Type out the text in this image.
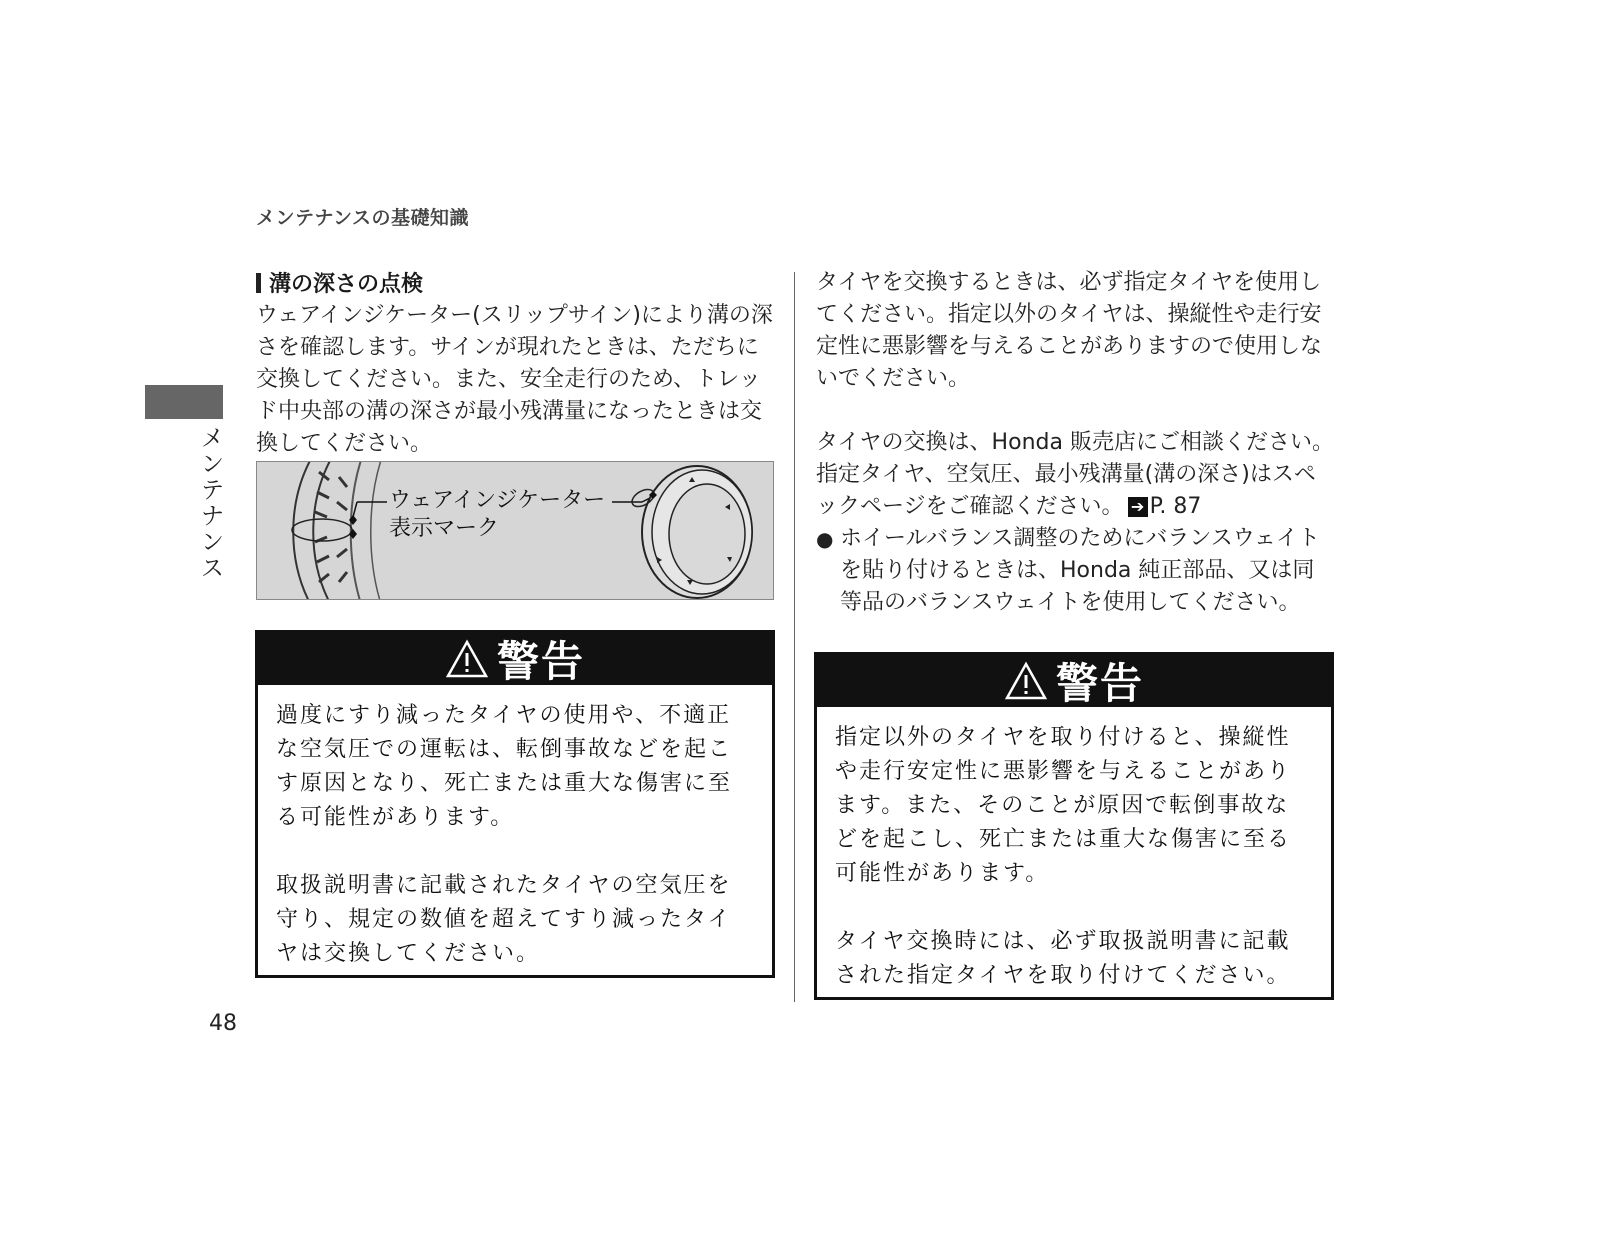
メンテナンスの基礎知識
メンテナンス
溝の深さの点検
ウェアインジケーター(スリップサイン)により溝の深さを確認します。サインが現れたときは、ただちに交換してください。また、安全走行のため、トレッド中央部の溝の深さが最小残溝量になったときは交換してください。
ウェアインジケーター
表示マーク
警告

過度にすり減ったタイヤの使用や、不適正な空気圧での運転は、転倒事故などを起こす原因となり、死亡または重大な傷害に至る可能性があります。

取扱説明書に記載されたタイヤの空気圧を守り、規定の数値を超えてすり減ったタイヤは交換してください。

タイヤを交換するときは、必ず指定タイヤを使用してください。指定以外のタイヤは、操縦性や走行安定性に悪影響を与えることがありますので使用しないでください。
タイヤの交換は、Honda 販売店にご相談ください。指定タイヤ、空気圧、最小残溝量(溝の深さ)はスペックページをご確認ください。 ➔ P. 87
● ホイールバランス調整のためにバランスウェイトを貼り付けるときは、Honda 純正部品、又は同等品のバランスウェイトを使用してください。
警告

指定以外のタイヤを取り付けると、操縦性や走行安定性に悪影響を与えることがあります。また、そのことが原因で転倒事故などを起こし、死亡または重大な傷害に至る可能性があります。

タイヤ交換時には、必ず取扱説明書に記載された指定タイヤを取り付けてください。

48
